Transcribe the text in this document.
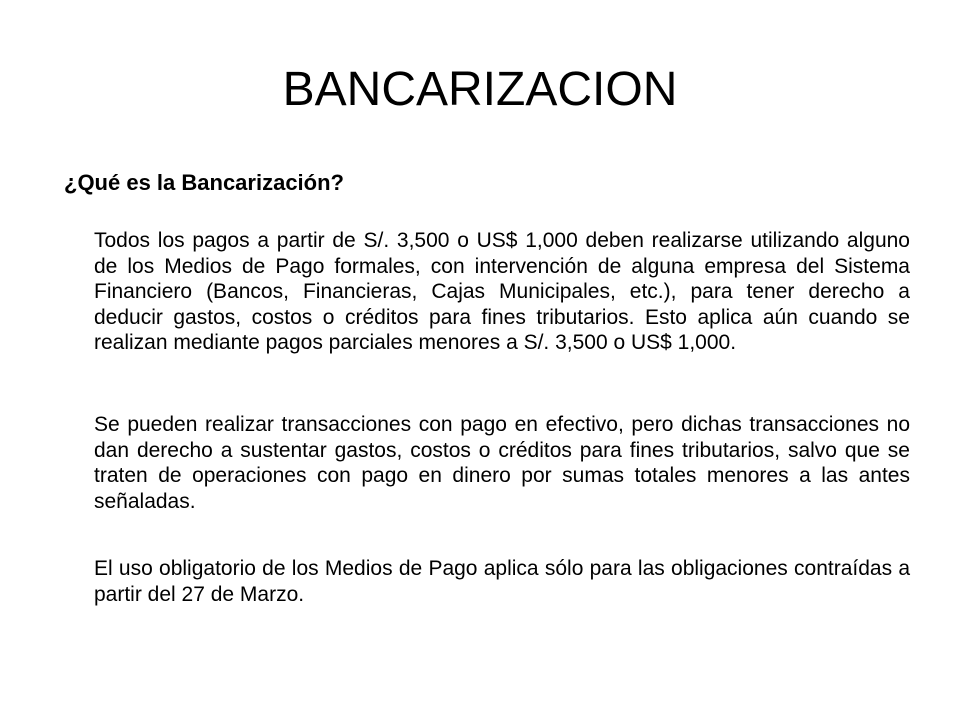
BANCARIZACION
¿Qué es la Bancarización?

Todos los pagos a partir de S/. 3,500 o US$ 1,000 deben realizarse utilizando alguno de los Medios de Pago formales, con intervención de alguna empresa del Sistema Financiero (Bancos, Financieras, Cajas Municipales, etc.), para tener derecho a deducir gastos, costos o créditos para fines tributarios. Esto aplica aún cuando se realizan mediante pagos parciales menores a S/. 3,500 o US$ 1,000.

Se pueden realizar transacciones con pago en efectivo, pero dichas transacciones no dan derecho a sustentar gastos, costos o créditos para fines tributarios, salvo que se traten de operaciones con pago en dinero por sumas totales menores a las antes señaladas.

El uso obligatorio de los Medios de Pago aplica sólo para las obligaciones contraídas a partir del 27 de Marzo.
